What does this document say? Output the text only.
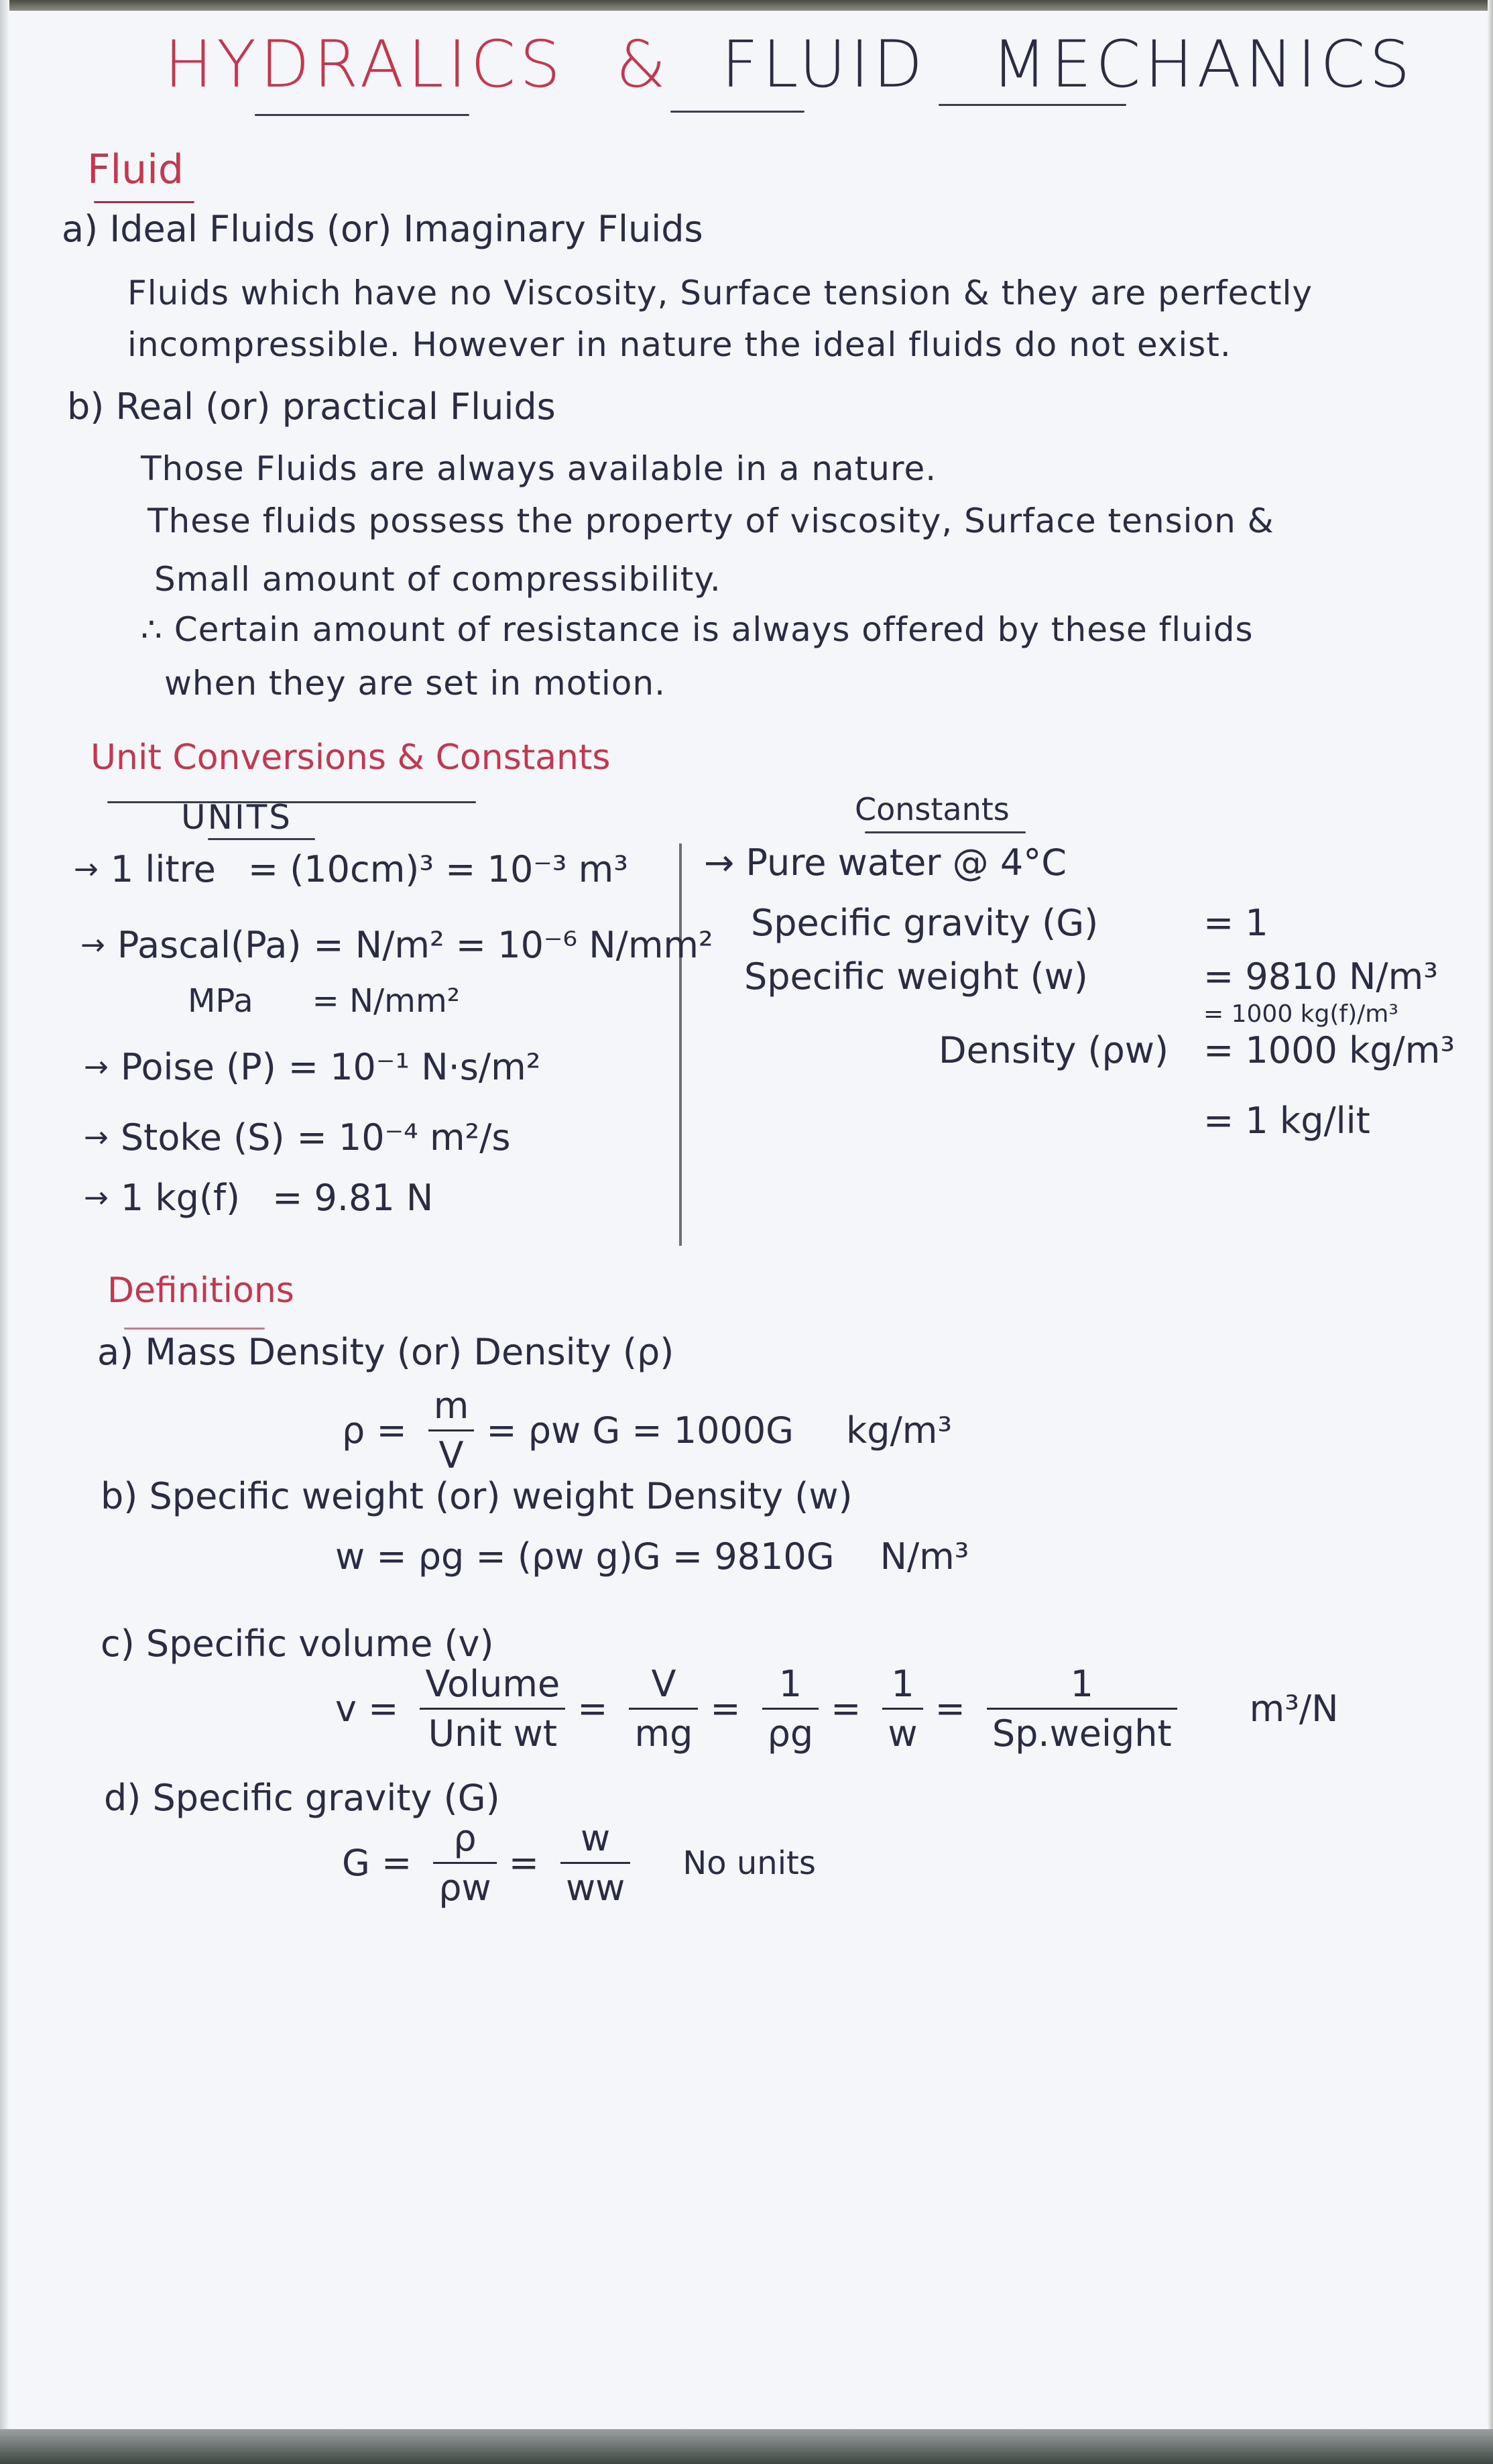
HYDRALICS & FLUID MECHANICS
Fluid
a) Ideal Fluids (or) Imaginary Fluids
Fluids which have no Viscosity, Surface tension & they are perfectly
incompressible. However in nature the ideal fluids do not exist.
b) Real (or) practical Fluids
Those Fluids are always available in a nature.
These fluids possess the property of viscosity, Surface tension &
Small amount of compressibility.
∴ Certain amount of resistance is always offered by these fluids
when they are set in motion.
Unit Conversions & Constants
UNITS
→ 1 litre = (10cm)³ = 10⁻³ m³
→ Pascal(Pa) = N/m² = 10⁻⁶ N/mm²
MPa = N/mm²
→ Poise (P) = 10⁻¹ N·s/m²
→ Stoke (S) = 10⁻⁴ m²/s
→ 1 kg(f) = 9.81 N
Constants
→ Pure water @ 4°C
Specific gravity (G)	= 1
Specific weight (w)	= 9810 N/m³
= 1000 kg(f)/m³
Density (ρw) = 1000 kg/m³
= 1 kg/lit
Definitions
a) Mass Density (or) Density (ρ)
$\rho = \frac{m}{V} = \rho w$ G = 1000G kg/m³
b) Specific weight (or) weight Density (w)
w = ρg = (ρw g)G = 9810G N/m³
c) Specific volume (v)
$v = \frac{\text{Volume}}{\text{Unit wt}} = \frac{V}{mg} = \frac{1}{\rho g} = \frac{1}{w} = \frac{1}{\text{Sp.weight}} m^3/N$
d) Specific gravity (G)
$G = \frac{\rho}{\rho w} = \frac{w}{ww}$ No units
